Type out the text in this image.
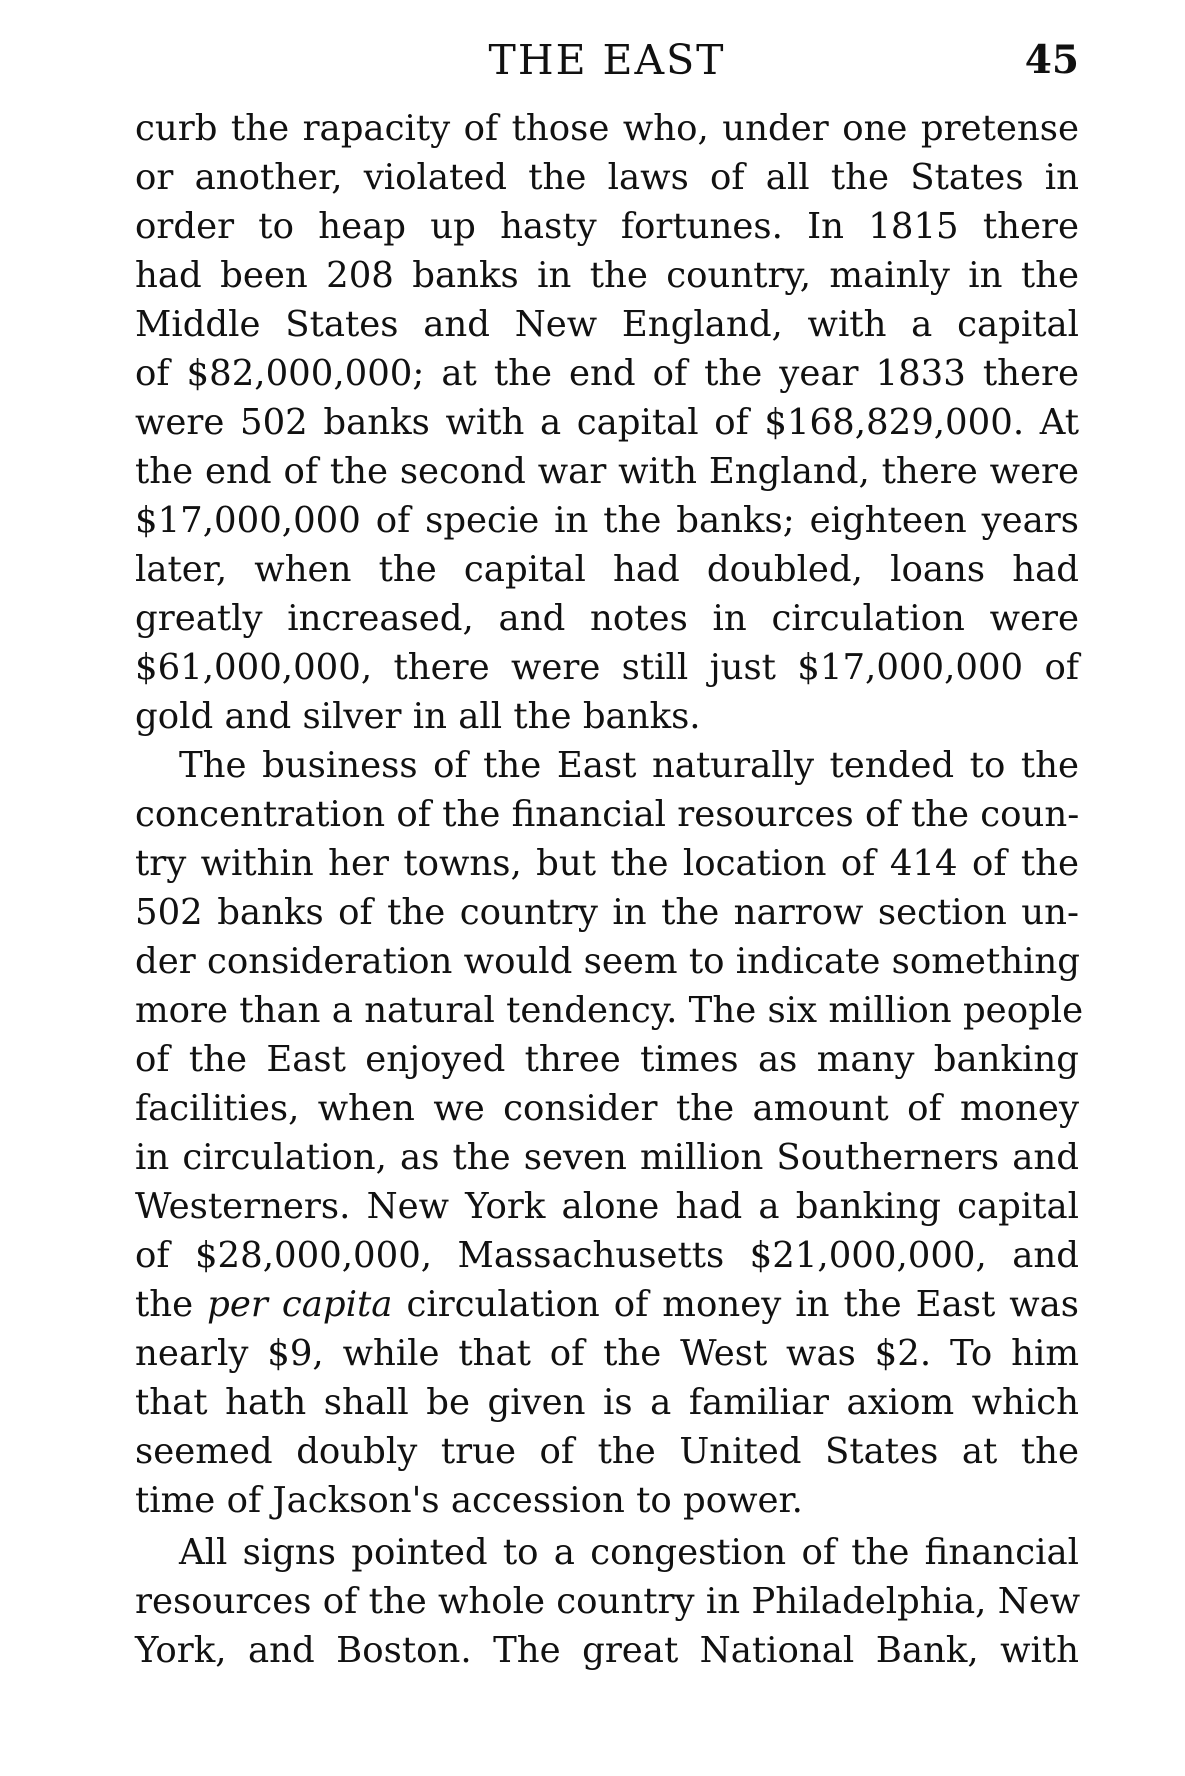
THE EAST	45
curb the rapacity of those who, under one pretense
or another, violated the laws of all the States in
order to heap up hasty fortunes. In 1815 there
had been 208 banks in the country, mainly in the
Middle States and New England, with a capital
of $82,000,000; at the end of the year 1833 there
were 502 banks with a capital of $168,829,000. At
the end of the second war with England, there were
$17,000,000 of specie in the banks; eighteen years
later, when the capital had doubled, loans had
greatly increased, and notes in circulation were
$61,000,000, there were still just $17,000,000 of
gold and silver in all the banks.
The business of the East naturally tended to the
concentration of the financial resources of the coun-
try within her towns, but the location of 414 of the
502 banks of the country in the narrow section un-
der consideration would seem to indicate something
more than a natural tendency. The six million people
of the East enjoyed three times as many banking
facilities, when we consider the amount of money
in circulation, as the seven million Southerners and
Westerners. New York alone had a banking capital
of $28,000,000, Massachusetts $21,000,000, and
the per capita circulation of money in the East was
nearly $9, while that of the West was $2. To him
that hath shall be given is a familiar axiom which
seemed doubly true of the United States at the
time of Jackson's accession to power.
All signs pointed to a congestion of the financial
resources of the whole country in Philadelphia, New
York, and Boston. The great National Bank, with
